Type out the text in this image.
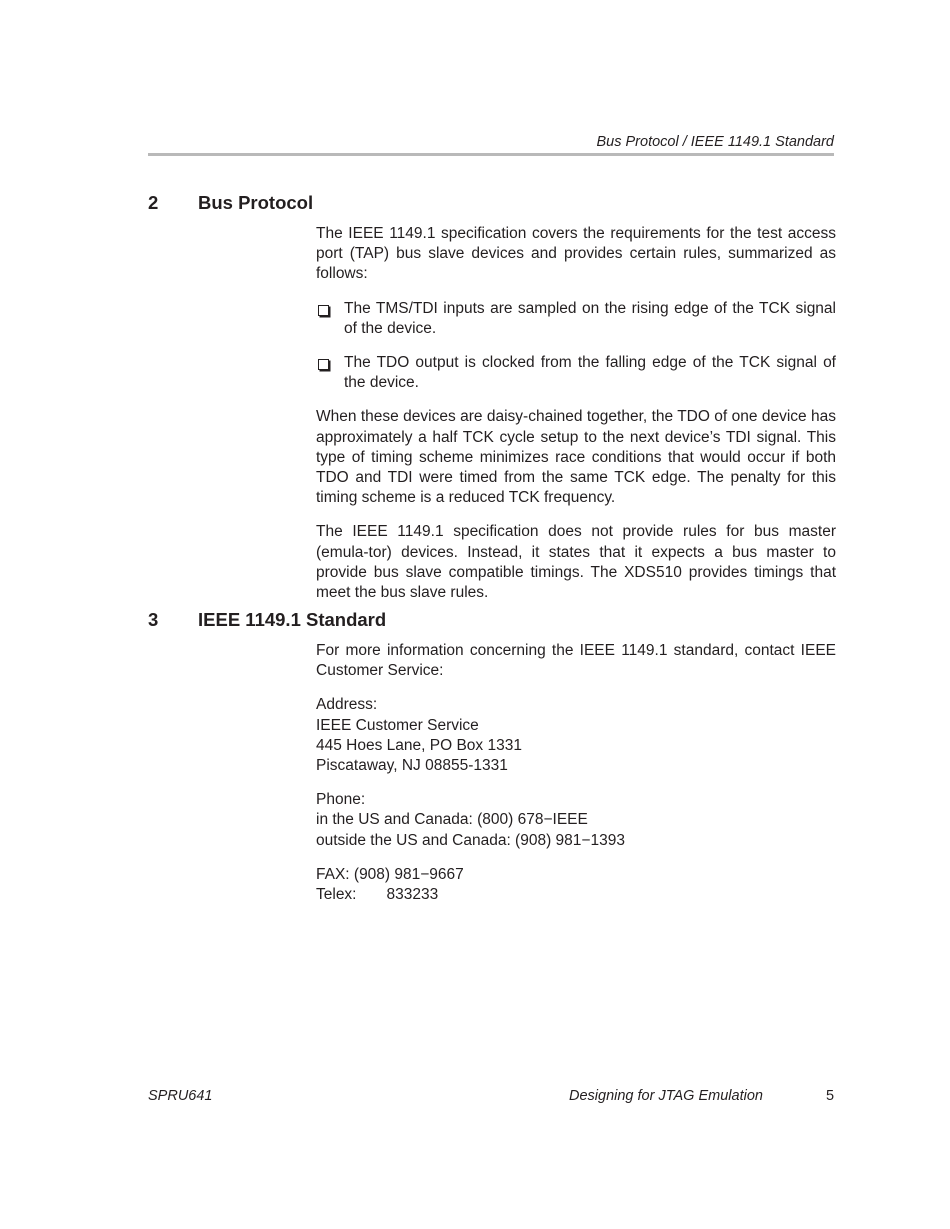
Bus Protocol / IEEE 1149.1 Standard
2 Bus Protocol

The IEEE 1149.1 specification covers the requirements for the test access port (TAP) bus slave devices and provides certain rules, summarized as follows:

The TMS/TDI inputs are sampled on the rising edge of the TCK signal of the device.

The TDO output is clocked from the falling edge of the TCK signal of the device.

When these devices are daisy-chained together, the TDO of one device has approximately a half TCK cycle setup to the next device’s TDI signal. This type of timing scheme minimizes race conditions that would occur if both TDO and TDI were timed from the same TCK edge. The penalty for this timing scheme is a reduced TCK frequency.

The IEEE 1149.1 specification does not provide rules for bus master (emula-tor) devices. Instead, it states that it expects a bus master to provide bus slave compatible timings. The XDS510 provides timings that meet the bus slave rules.

3 IEEE 1149.1 Standard

For more information concerning the IEEE 1149.1 standard, contact IEEE Customer Service:

Address:
IEEE Customer Service
445 Hoes Lane, PO Box 1331
Piscataway, NJ 08855-1331

Phone:
in the US and Canada: (800) 678−IEEE
outside the US and Canada: (908) 981−1393

FAX: (908) 981−9667
Telex: 833233

SPRU641	Designing for JTAG Emulation	5
